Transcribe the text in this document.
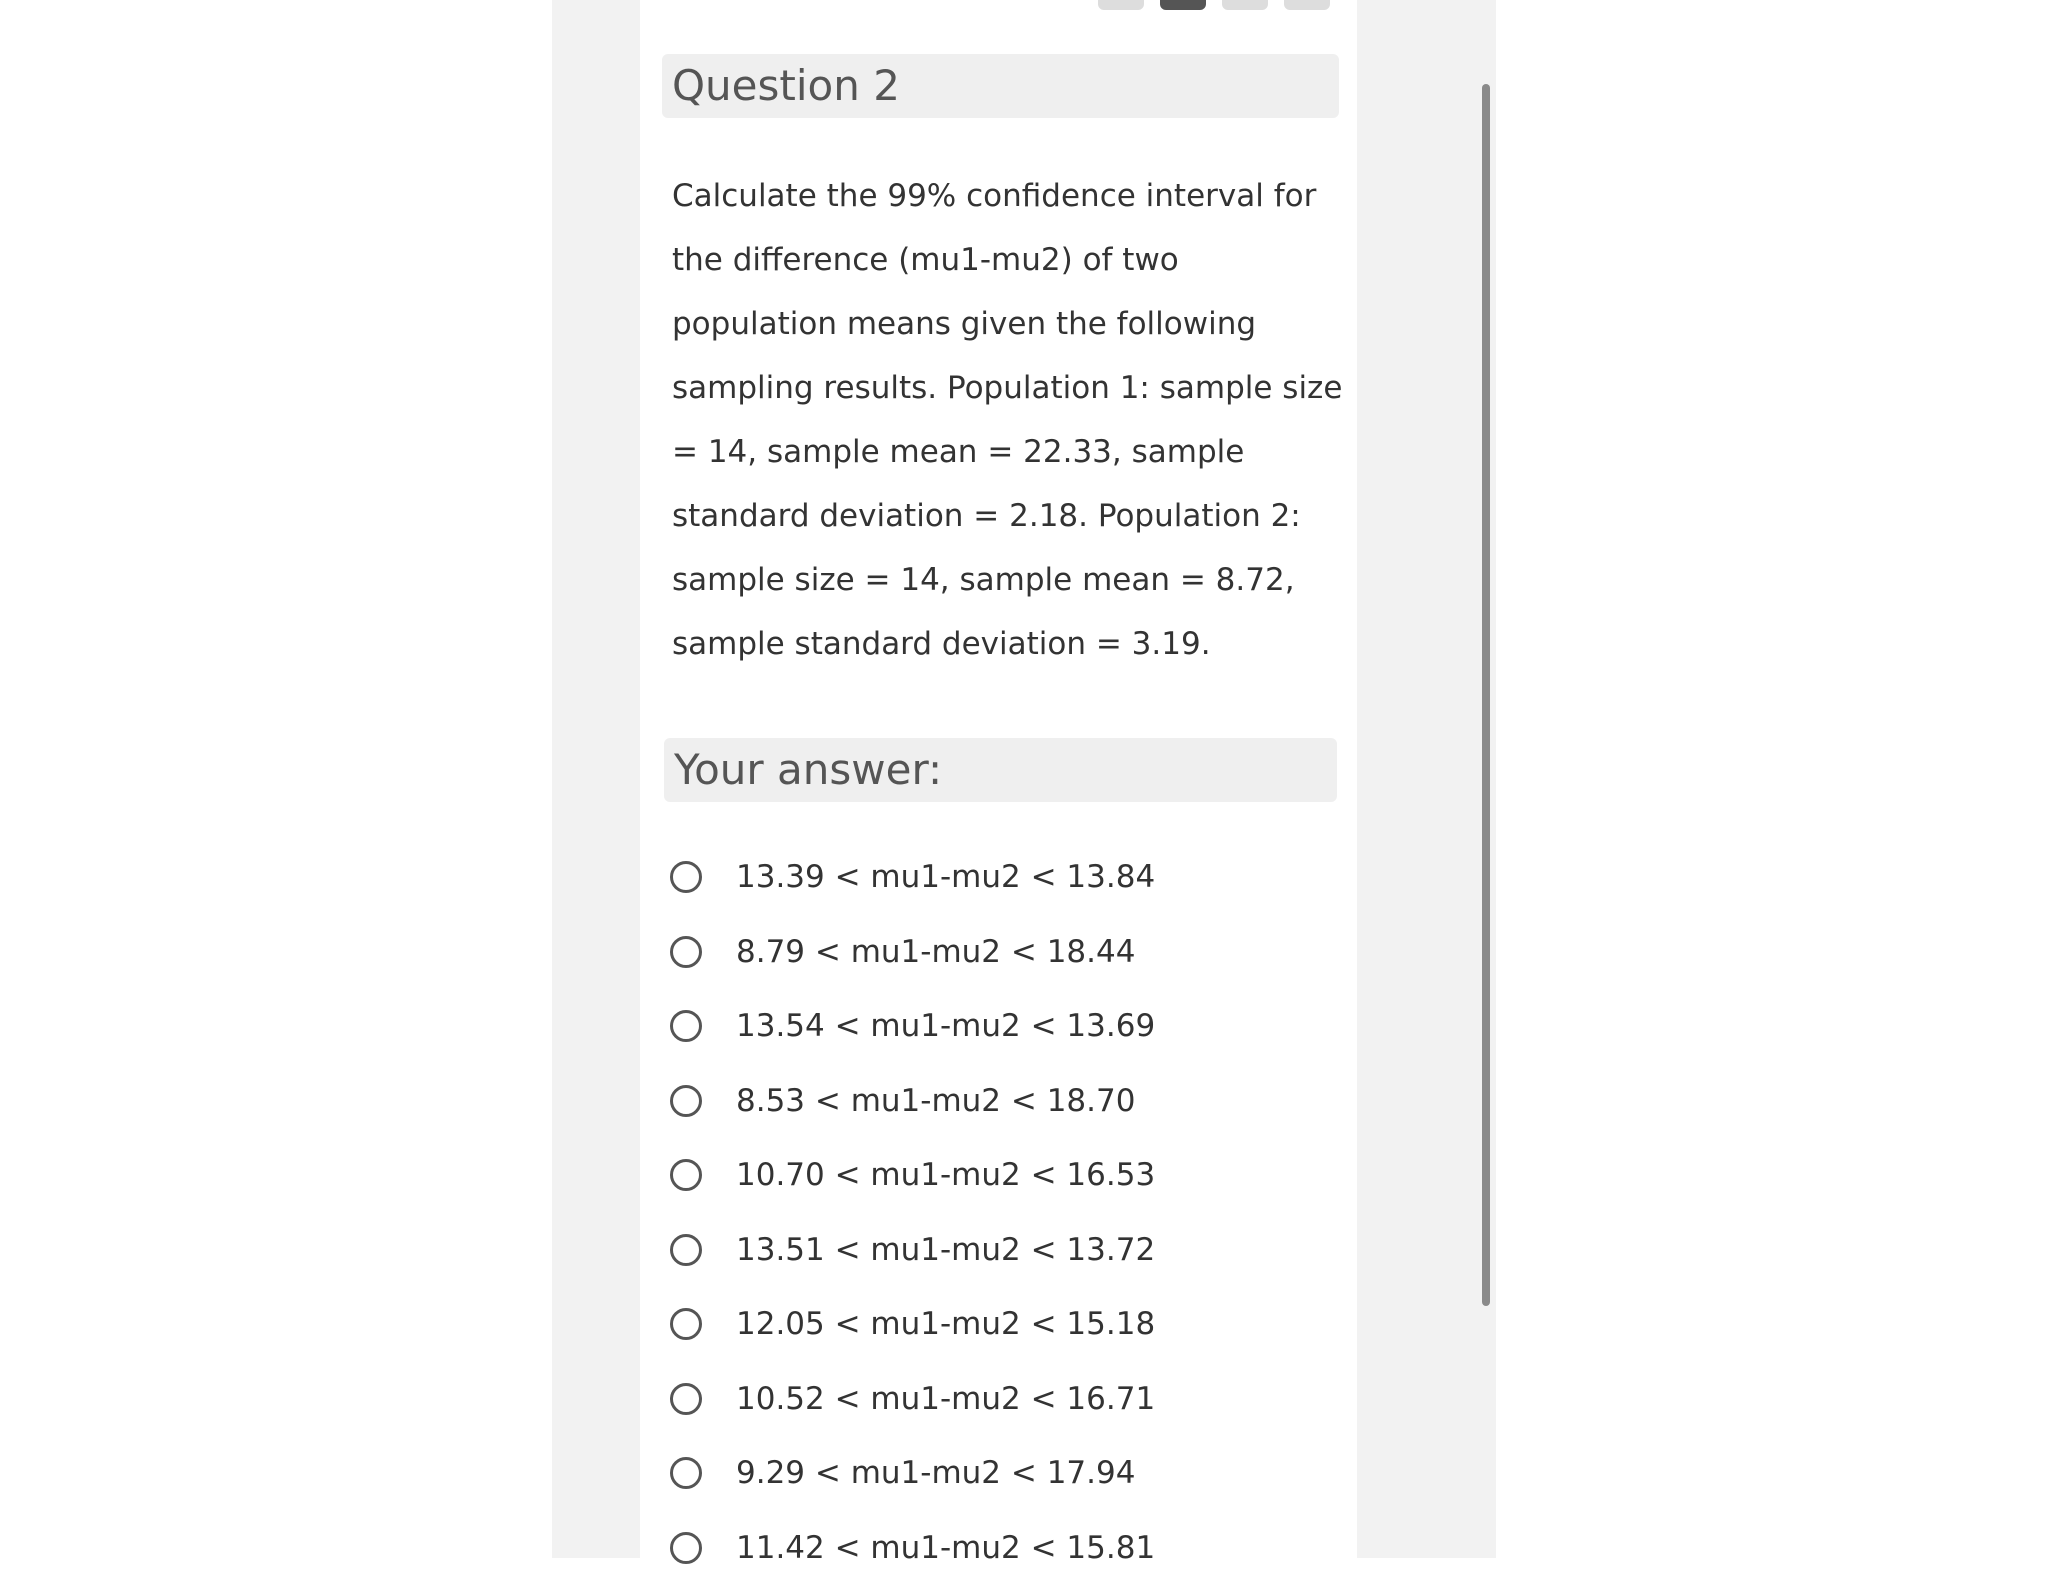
Question 2

Calculate the 99% confidence interval for the difference (mu1-mu2) of two population means given the following sampling results. Population 1: sample size = 14, sample mean = 22.33, sample standard deviation = 2.18. Population 2: sample size = 14, sample mean = 8.72, sample standard deviation = 3.19.

Your answer:
13.39 < mu1-mu2 < 13.84
8.79 < mu1-mu2 < 18.44
13.54 < mu1-mu2 < 13.69
8.53 < mu1-mu2 < 18.70
10.70 < mu1-mu2 < 16.53
13.51 < mu1-mu2 < 13.72
12.05 < mu1-mu2 < 15.18
10.52 < mu1-mu2 < 16.71
9.29 < mu1-mu2 < 17.94
11.42 < mu1-mu2 < 15.81
